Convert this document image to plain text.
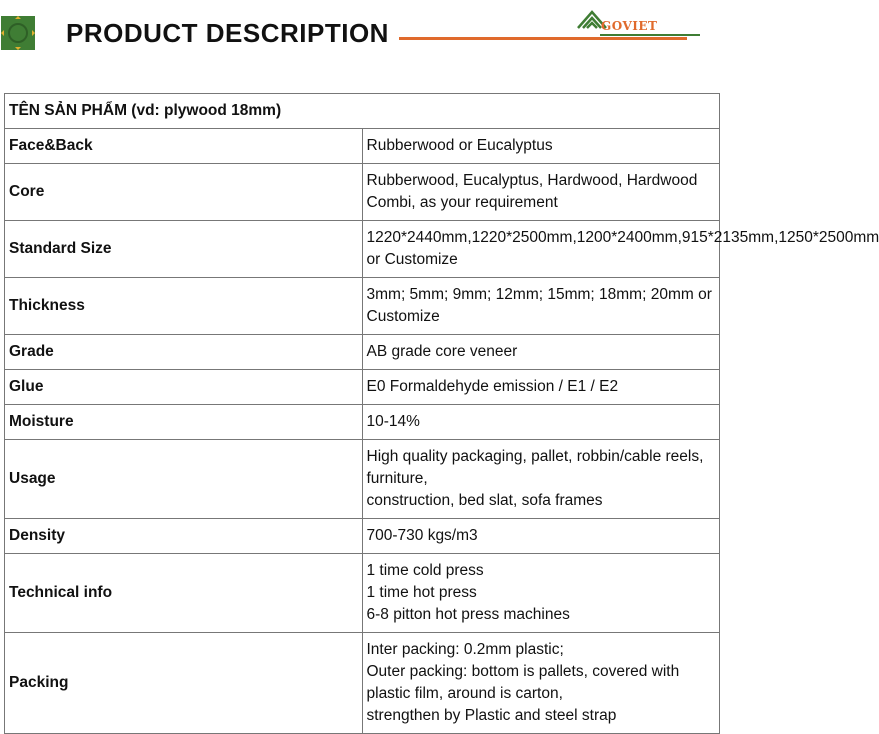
PRODUCT DESCRIPTION	GOVIET
TÊN SẢN PHẨM (vd: plywood 18mm)	
Face&Back	Rubberwood or Eucalyptus
Core	Rubberwood, Eucalyptus, Hardwood, Hardwood Combi, as your requirement
Standard Size	1220*2440mm,1220*2500mm,1200*2400mm,915*2135mm,1250*2500mm or Customize
Thickness	3mm; 5mm; 9mm; 12mm; 15mm; 18mm; 20mm or Customize
Grade	AB grade core veneer
Glue	E0 Formaldehyde emission / E1 / E2
Moisture	10-14%
Usage	High quality packaging, pallet, robbin/cable reels, furniture,
construction, bed slat, sofa frames
Density	700-730 kgs/m3
Technical info	1 time cold press
1 time hot press
6-8 pitton hot press machines
Packing	Inter packing: 0.2mm plastic;
Outer packing: bottom is pallets, covered with plastic film, around is carton,
strengthen by Plastic and steel strap
